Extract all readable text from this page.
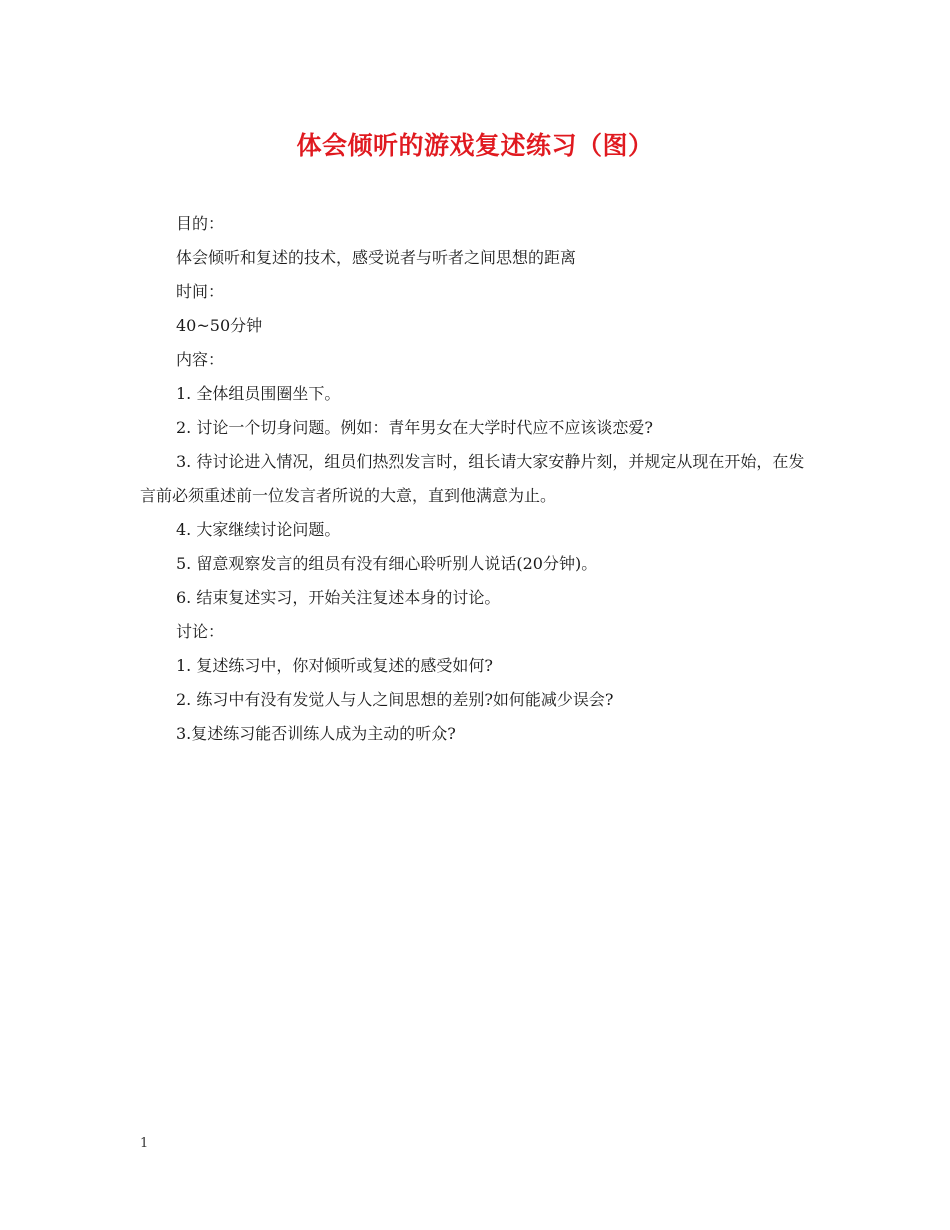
体会倾听的游戏复述练习（图）

目的：

体会倾听和复述的技术，感受说者与听者之间思想的距离

时间：

40~50分钟

内容：

1. 全体组员围圈坐下。

2. 讨论一个切身问题。例如：青年男女在大学时代应不应该谈恋爱?

3. 待讨论进入情况，组员们热烈发言时，组长请大家安静片刻，并规定从现在开始，在发言前必须重述前一位发言者所说的大意，直到他满意为止。

4. 大家继续讨论问题。

5. 留意观察发言的组员有没有细心聆听别人说话(20分钟)。

6. 结束复述实习，开始关注复述本身的讨论。

讨论：

1. 复述练习中，你对倾听或复述的感受如何?

2. 练习中有没有发觉人与人之间思想的差别?如何能减少误会?

3.复述练习能否训练人成为主动的听众?

1
